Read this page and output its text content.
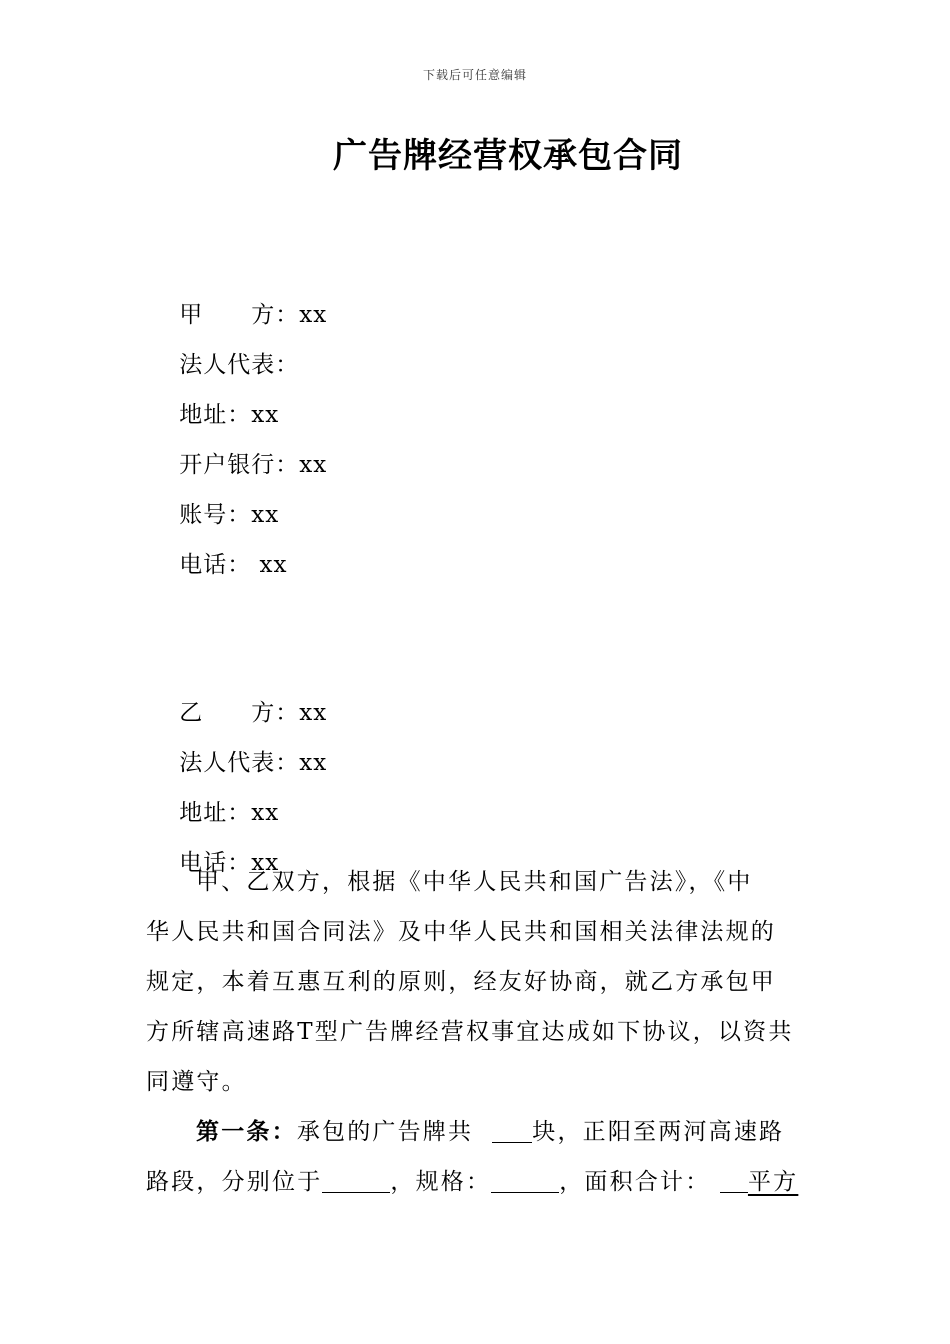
下载后可任意编辑
广告牌经营权承包合同

甲 方：xx

法人代表：

地址：xx

开户银行：xx

账号：xx

电话： xx

乙 方：xx

法人代表：xx

地址：xx

电话：xx

甲、乙双方，根据《中华人民共和国广告法》，《中
华人民共和国合同法》及中华人民共和国相关法律法规的
规定，本着互惠互利的原则，经友好协商，就乙方承包甲
方所辖高速路T型广告牌经营权事宜达成如下协议，以资共
同遵守。
第一条：承包的广告牌共	块，正阳至两河高速路
路段，分别位于	，规格：	，面积合计： 平方
